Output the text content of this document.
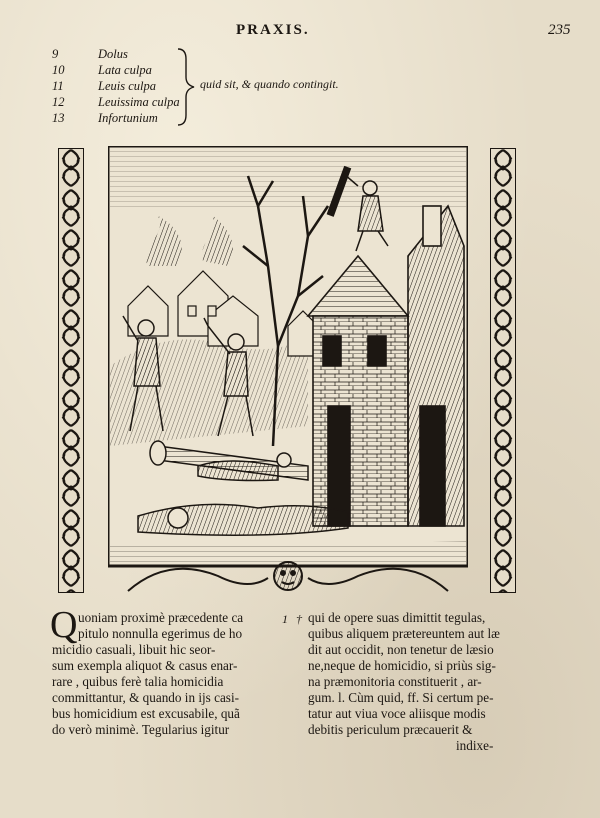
PRAXIS.	235
9	Dolus
10	Lata culpa
11	Leuis culpa
12	Leuissima culpa
13	Infortunium
quid sit, & quando contingit.
Q uoniam proximè præcedente ca
pitulo nonnulla egerimus de ho
micidio casuali, libuit hic seor-
sum exempla aliquot & casus enar-
rare , quibus ferè talia homicidia
committantur, & quando in ijs casi-
bus homicidium est excusabile, quã
do verò minimè. Tegularius igitur
1 † qui de opere suas dimittit tegulas,
quibus aliquem prætereuntem aut læ
dit aut occidit, non tenetur de læsio
ne,neque de homicidio, si priùs sig-
na præmonitoria constituerit , ar-
gum. l. Cùm quid, ff. Si certum pe-
tatur aut viua voce aliisque modis
debitis periculum prӕcauerit &
indixe-
